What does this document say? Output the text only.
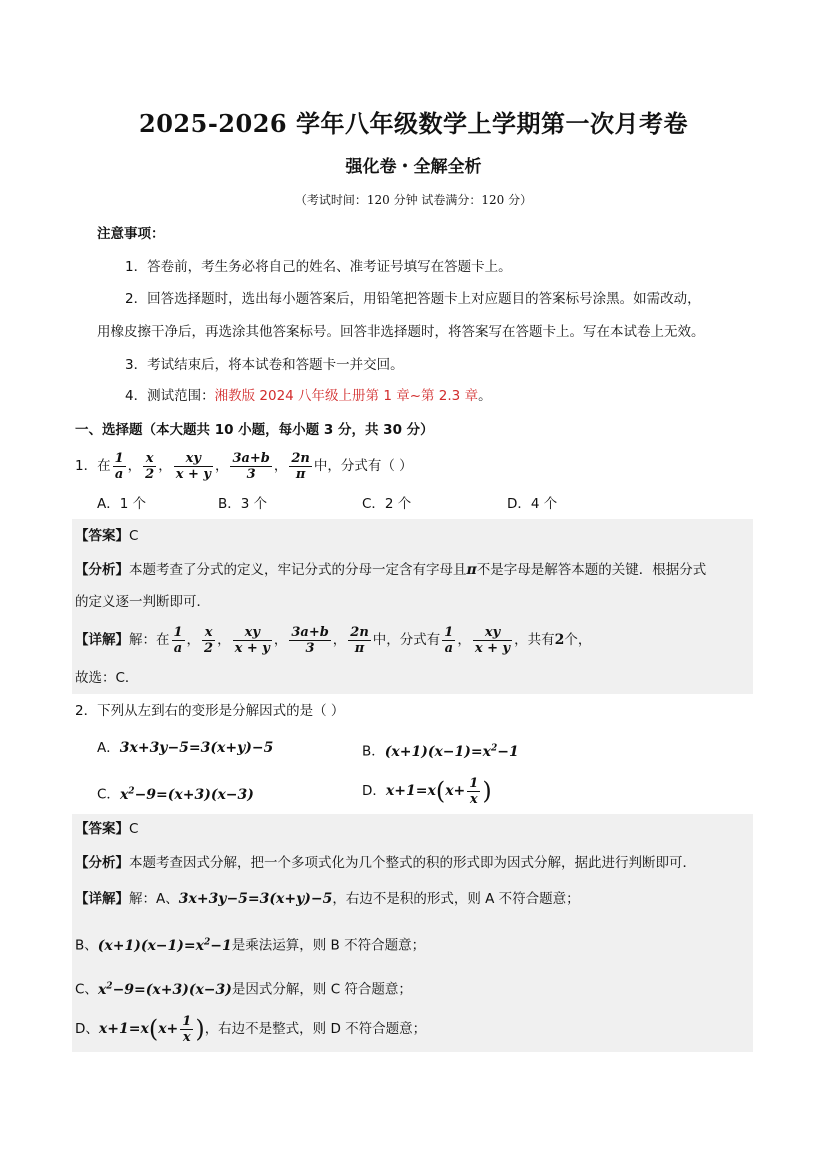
2025-2026 学年八年级数学上学期第一次月考卷
强化卷・全解全析
（考试时间：120 分钟 试卷满分：120 分）
注意事项：
1．答卷前，考生务必将自己的姓名、准考证号填写在答题卡上。
2．回答选择题时，选出每小题答案后，用铅笔把答题卡上对应题目的答案标号涂黑。如需改动，
用橡皮擦干净后，再选涂其他答案标号。回答非选择题时，将答案写在答题卡上。写在本试卷上无效。
3．考试结束后，将本试卷和答题卡一并交回。
4．测试范围：湘教版 2024 八年级上册第 1 章~第 2.3 章。
一、选择题（本大题共 10 小题，每小题 3 分，共 30 分）
1．在 $\frac{1}{a}$ ， $\frac{x}{2}$ ， $\frac{xy}{x + y}$ ， $\frac{3a+b}{3}$ ， $\frac{2n}{\pi}$ 中，分式有（ ）
A．1 个	B．3 个	C．2 个	D．4 个
【答案】C
【分析】本题考查了分式的定义，牢记分式的分母一定含有字母且π不是字母是解答本题的关键．根据分式
的定义逐一判断即可．
【详解】解：在 $\frac{1}{a}$ ， $\frac{x}{2}$ ， $\frac{xy}{x + y}$ ， $\frac{3a+b}{3}$ ， $\frac{2n}{\pi}$ 中，分式有 $\frac{1}{a}$ ， $\frac{xy}{x + y}$ ，共有2个，
故选：C．
2．下列从左到右的变形是分解因式的是（ ）
A．3x+3y−5=3(x+y)−5	B．$(x+1)(x-1)=x^2-1$
C．$x^2-9=(x+3)(x-3)$	D．$x+1=x(x+ \frac{1}{x}$ )
【答案】C
【分析】本题考查因式分解，把一个多项式化为几个整式的积的形式即为因式分解，据此进行判断即可．
【详解】解：A、3x+3y−5=3(x+y)−5，右边不是积的形式，则 A 不符合题意；
B、$(x+1)(x-1)=x^2-1$是乘法运算，则 B 不符合题意；
C、$x^2-9=(x+3)(x-3)$是因式分解，则 C 符合题意；
D、$x+1=x(x+ \frac{1}{x}$ )，右边不是整式，则 D 不符合题意；
